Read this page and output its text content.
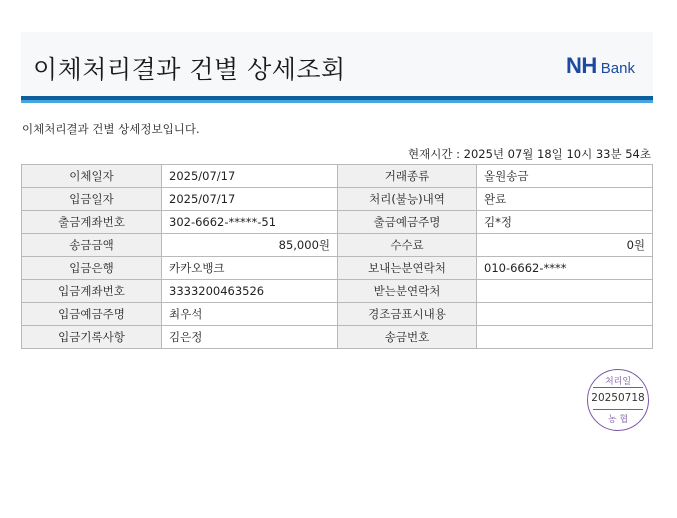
이체처리결과 건별 상세조회	NH Bank
이체처리결과 건별 상세정보입니다.
현재시간 : 2025년 07월 18일 10시 33분 54초
이체일자	2025/07/17	거래종류	올원송금
입금일자	2025/07/17	처리(불능)내역	완료
출금계좌번호	302-6662-*****-51	출금예금주명	김*정
송금금액	85,000원	수수료	0원
입금은행	카카오뱅크	보내는분연락처	010-6662-****
입금계좌번호	3333200463526	받는분연락처	
입금예금주명	최우석	경조금표시내용	
입금기록사항	김은정	송금번호	
처리일
20250718
농 협
